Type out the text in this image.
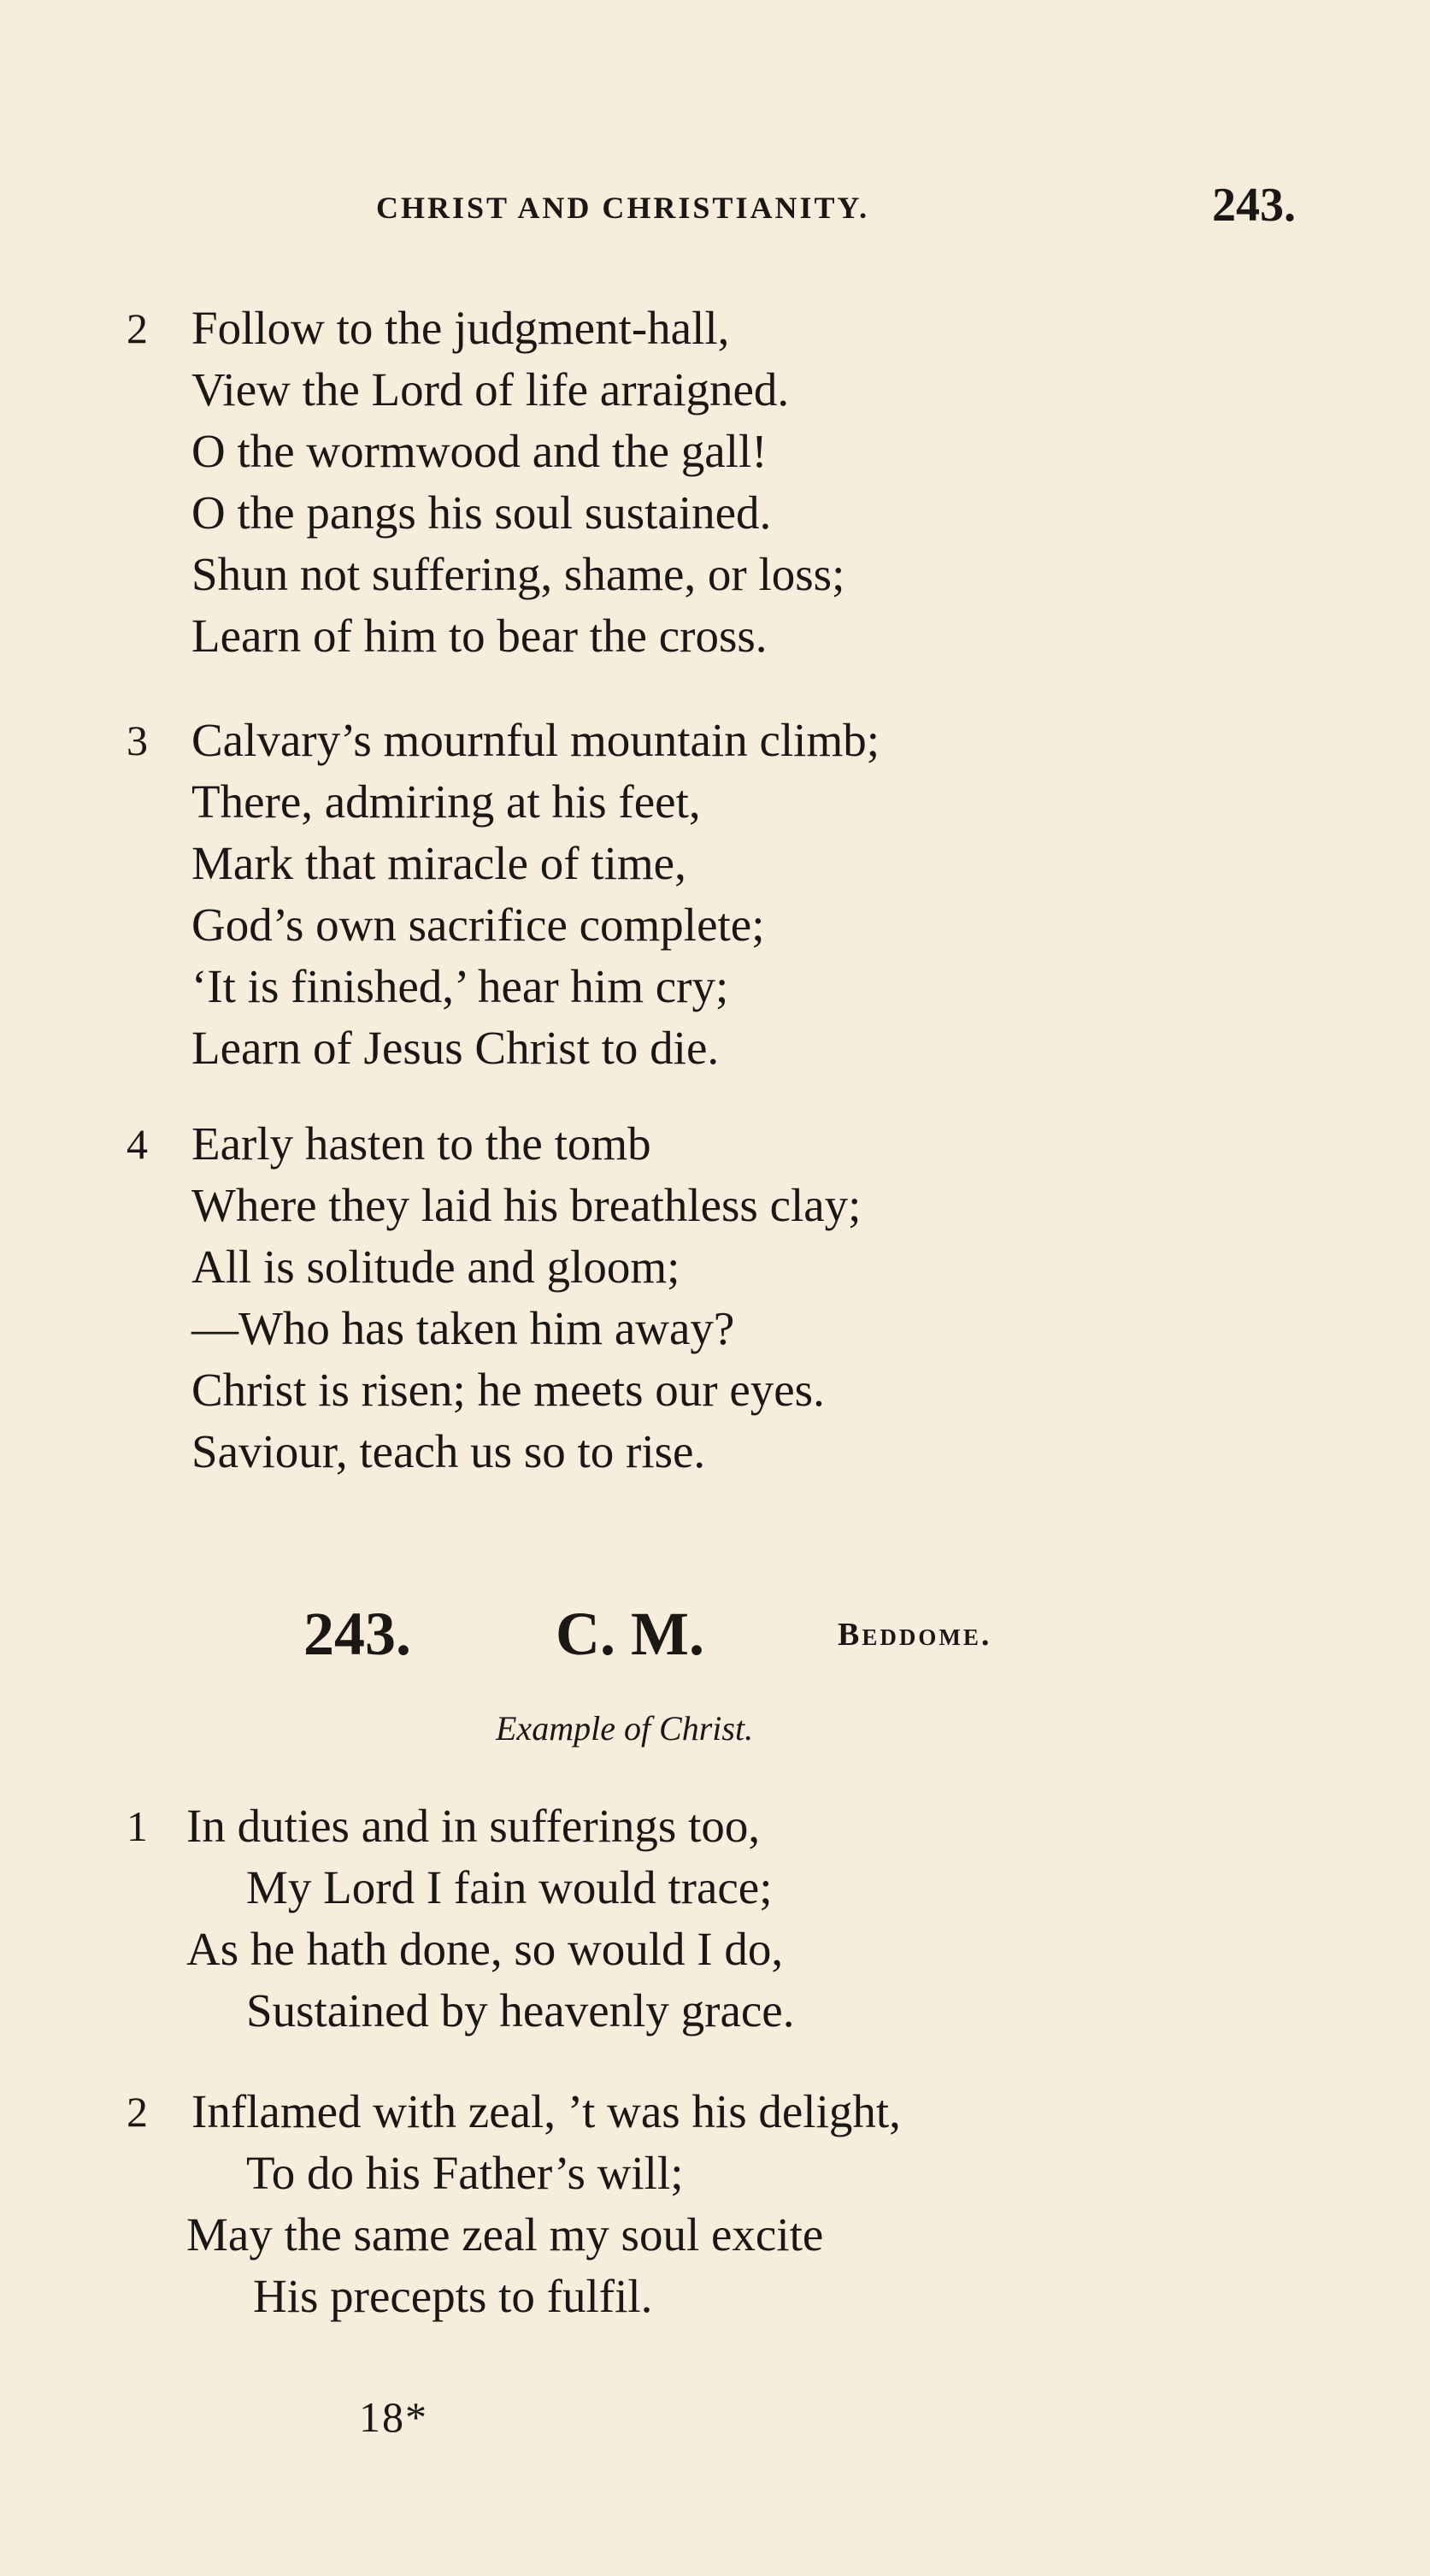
CHRIST AND CHRISTIANITY.	243.
2 Follow to the judgment-hall,
View the Lord of life arraigned.
O the wormwood and the gall!
O the pangs his soul sustained.
Shun not suffering, shame, or loss;
Learn of him to bear the cross.
3 Calvary’s mournful mountain climb;
There, admiring at his feet,
Mark that miracle of time,
God’s own sacrifice complete;
‘It is finished,’ hear him cry;
Learn of Jesus Christ to die.
4 Early hasten to the tomb
Where they laid his breathless clay;
All is solitude and gloom;
—Who has taken him away?
Christ is risen; he meets our eyes.
Saviour, teach us so to rise.
243. C. M.	Beddome.
Example of Christ.
1 In duties and in sufferings too,
My Lord I fain would trace;
As he hath done, so would I do,
Sustained by heavenly grace.
2 Inflamed with zeal, ’t was his delight,
To do his Father’s will;
May the same zeal my soul excite
His precepts to fulfil.
18*
